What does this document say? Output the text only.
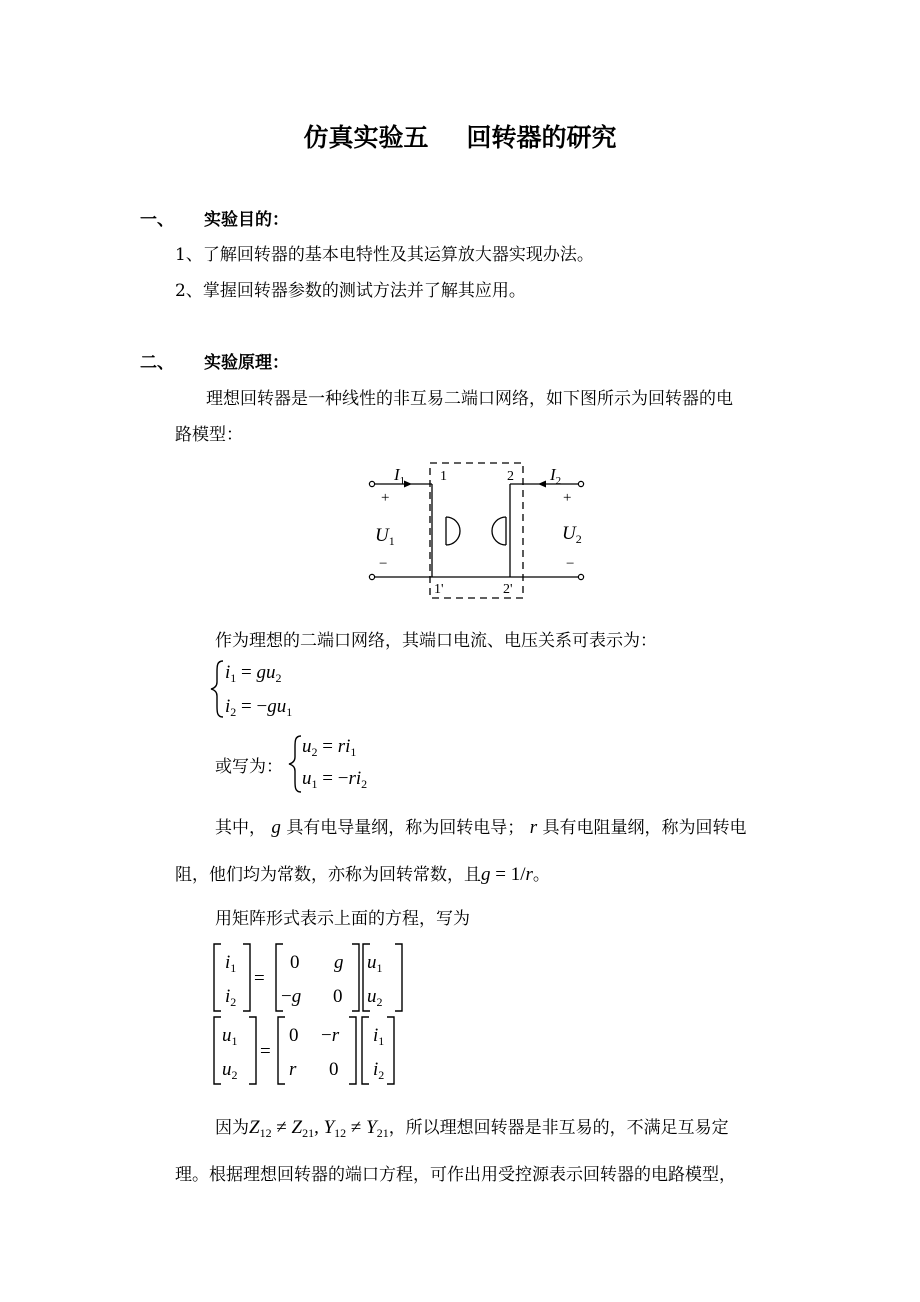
仿真实验五 回转器的研究
一、 实验目的：
1、了解回转器的基本电特性及其运算放大器实现办法。
2、掌握回转器参数的测试方法并了解其应用。
二、 实验原理：
理想回转器是一种线性的非互易二端口网络，如下图所示为回转器的电
路模型：
$I_1$	$I_2$
1	2
1'	2'
+	+
−	−
$U_1$	$U_2$
作为理想的二端口网络，其端口电流、电压关系可表示为：
$i_1 = gu_2$
$i_2 = -gu_1$
或写为：
$u_2 = ri_1$
$u_1 = -ri_2$
其中， g 具有电导量纲，称为回转电导； r 具有电阻量纲，称为回转电
阻，他们均为常数，亦称为回转常数，且g = 1/r。
用矩阵形式表示上面的方程，写为
$i_1$
$i_2$
=
0 g
−g 0
$u_1$
$u_2$
$u_1$
$u_2$
=
0 −r
r 0
$i_1$
$i_2$
因为$Z_{12} \ne Z_{21}$, $Y_{12} \ne Y_{21}$，所以理想回转器是非互易的，不满足互易定
理。根据理想回转器的端口方程，可作出用受控源表示回转器的电路模型，
